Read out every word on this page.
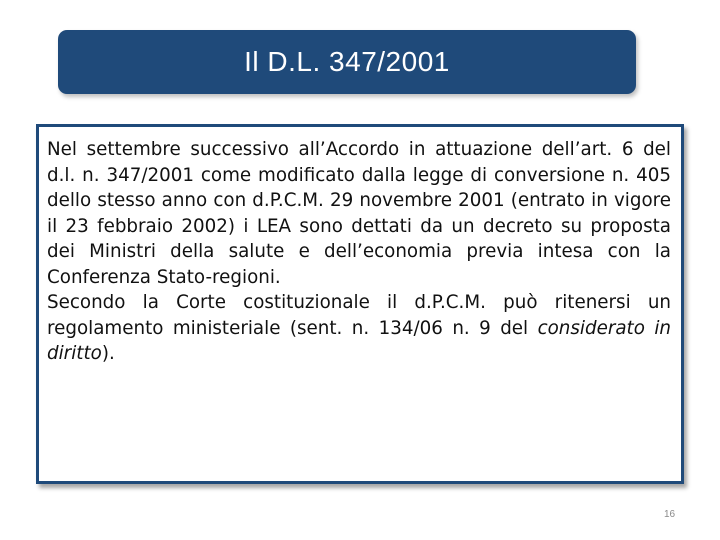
Il D.L. 347/2001

Nel settembre successivo all’Accordo in attuazione dell’art. 6 del d.l. n. 347/2001 come modificato dalla legge di conversione n. 405 dello stesso anno con d.P.C.M. 29 novembre 2001 (entrato in vigore il 23 febbraio 2002) i LEA sono dettati da un decreto su proposta dei Ministri della salute e dell’economia previa intesa con la Conferenza Stato-regioni.

Secondo la Corte costituzionale il d.P.C.M. può ritenersi un regolamento ministeriale (sent. n. 134/06 n. 9 del considerato in diritto).

16
